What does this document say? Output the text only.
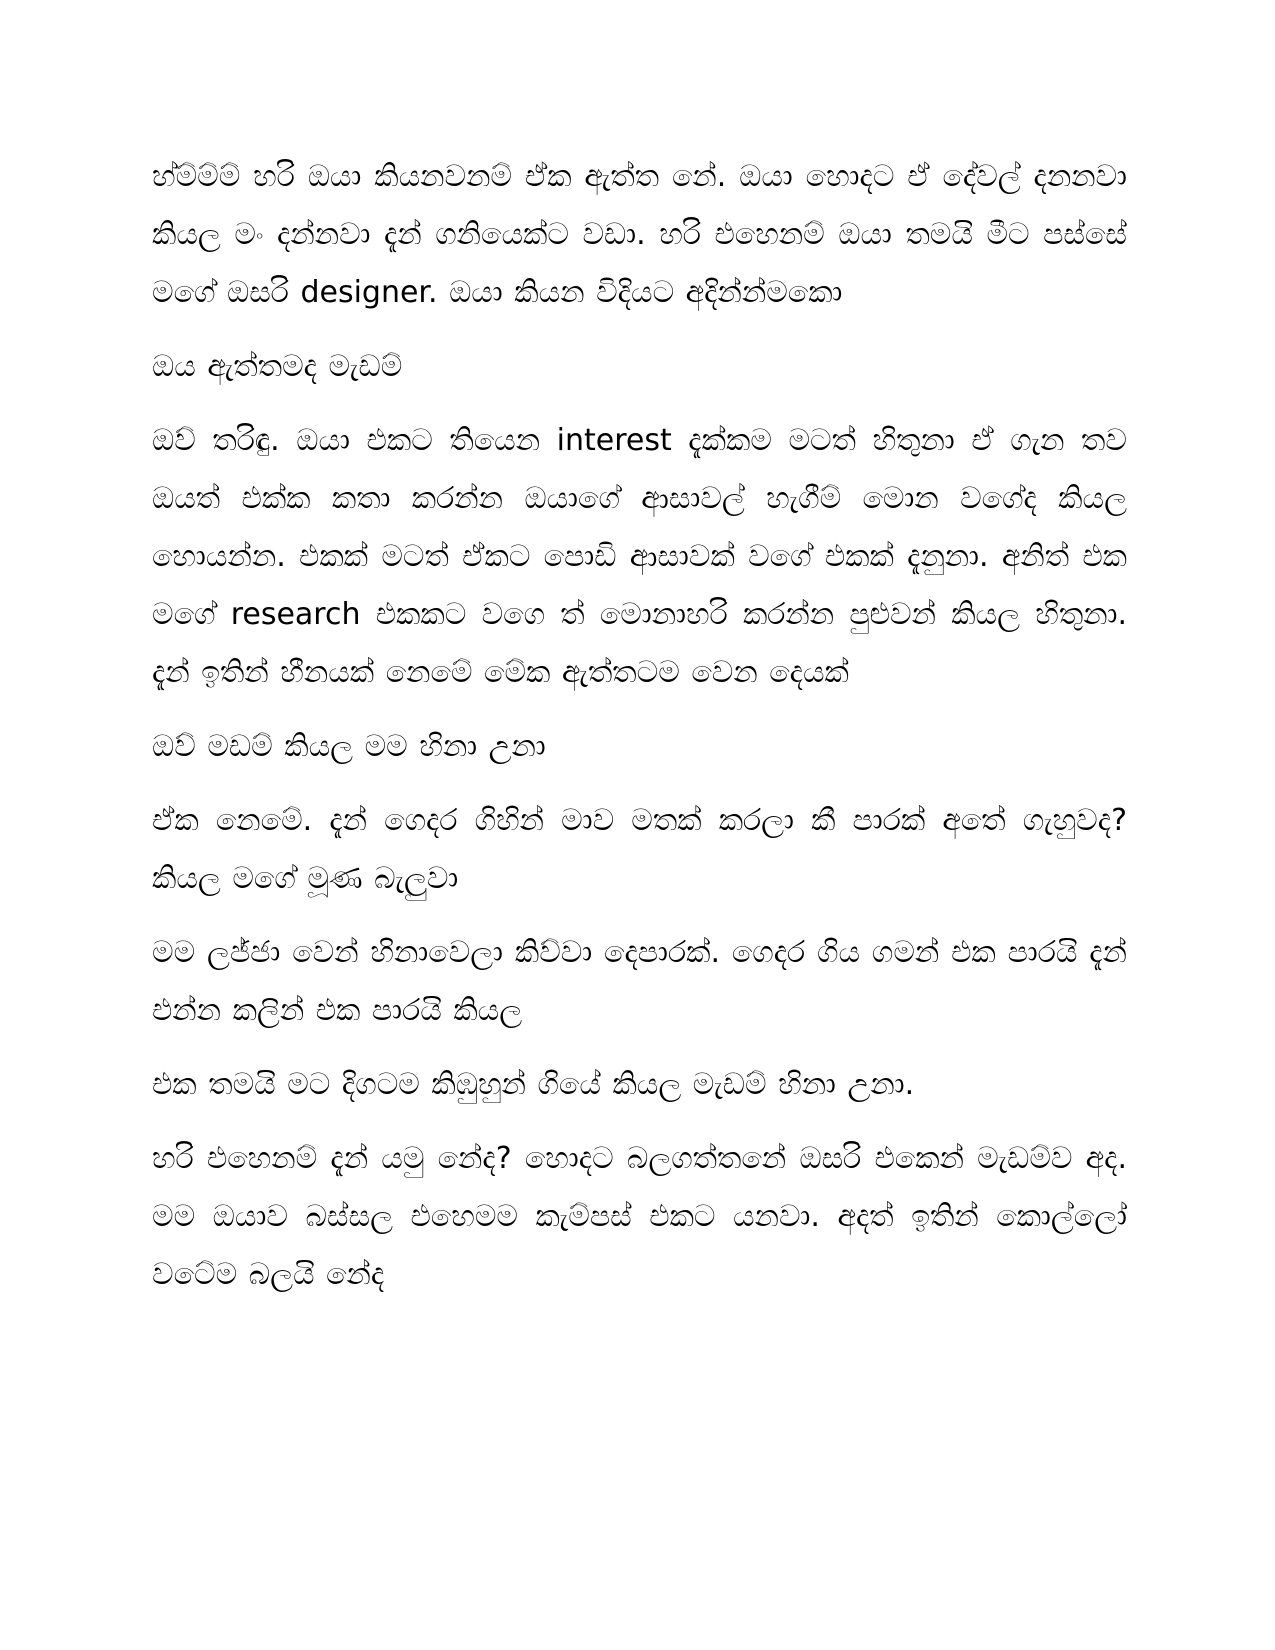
හ්ම්ම්ම් හරි ඔයා කියනවනම් ඒක ඇත්ත නේ. ඔයා හොදට ඒ දේවල් දනනවා කියල මං දන්නවා දැන් ගනියෙක්ට වඩා. හරි එහෙනම් ඔයා තමයි මීට පස්සේ මගේ ඔසරි designer. ඔයා කියන විදියට අදින්න්මකො

ඔය ඇත්තමද මැඩම්

ඔව් තරිඳු. ඔයා එකට තියෙන interest දැක්කම මටත් හිතුනා ඒ ගැන තව ඔයත් එක්ක කතා කරන්න ඔයාගේ ආසාවල් හැගීම් මොන වගේද කියල හොයන්න. එකක් මටත් ඒකට පොඩි ආසාවක් වගේ එකක් දැනුනා. අනිත් එක මගේ research එකකට වගෙ ත් මොනාහරි කරන්න පුළුවන් කියල හිතුනා. දැන් ඉතින් හීනයක් නෙමේ මේක ඇත්තටම වෙන දෙයක්

ඔව් මඩම් කියල මම හිනා උනා

ඒක නෙමේ. දැන් ගෙදර ගිහින් මාව මතක් කරලා කී පාරක් අතේ ගැහුවද? කියල මගේ මූණ බැලුවා

මම ලජ්ජා වෙන් හිනාවෙලා කිව්වා දෙපාරක්. ගෙදර ගිය ගමන් එක පාරයි දැන් එන්න කලින් එක පාරයි කියල

එක තමයි මට දිගටම කිඹුහුන් ගියේ කියල මැඩම් හිනා උනා.

හරි එහෙනම් දැන් යමු නේද? හොදට බලගත්තනේ ඔසරි එකෙන් මැඩම්ව අද. මම ඔයාව බස්සල එහෙමම කැම්පස් එකට යනවා. අදත් ඉතින් කොල්ලෝ වටේම බලයි නේද
